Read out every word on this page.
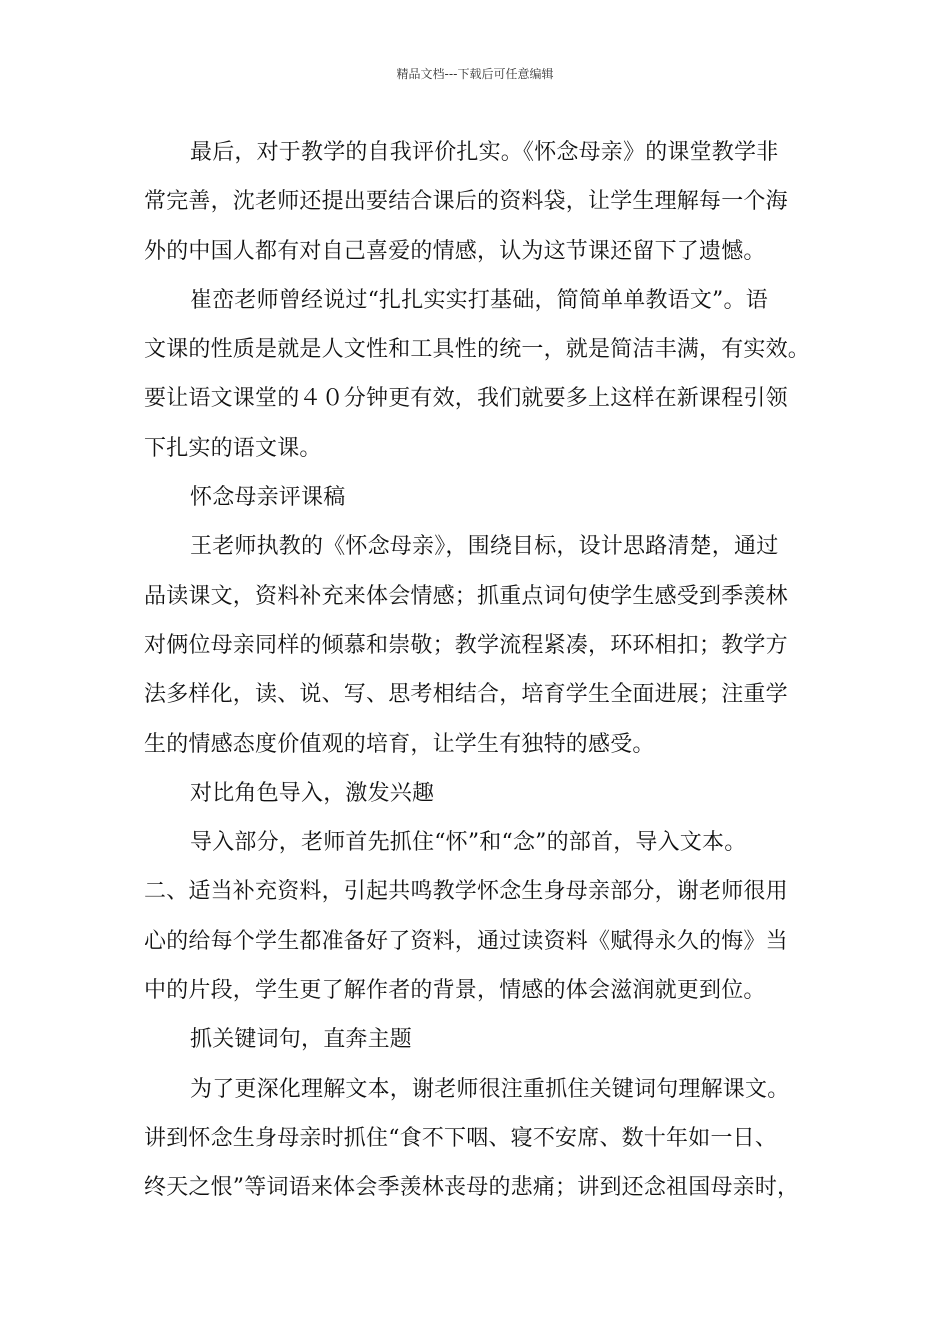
精品文档---下载后可任意编辑
最后，对于教学的自我评价扎实。《怀念母亲》的课堂教学非
常完善，沈老师还提出要结合课后的资料袋，让学生理解每一个海
外的中国人都有对自己喜爱的情感，认为这节课还留下了遗憾。
崔峦老师曾经说过“扎扎实实打基础，简简单单教语文”。语
文课的性质是就是人文性和工具性的统一，就是简洁丰满，有实效。
要让语文课堂的４０分钟更有效，我们就要多上这样在新课程引领
下扎实的语文课。
怀念母亲评课稿
王老师执教的《怀念母亲》，围绕目标，设计思路清楚，通过
品读课文，资料补充来体会情感；抓重点词句使学生感受到季羡林
对俩位母亲同样的倾慕和崇敬；教学流程紧凑，环环相扣；教学方
法多样化，读、说、写、思考相结合，培育学生全面进展；注重学
生的情感态度价值观的培育，让学生有独特的感受。
对比角色导入，激发兴趣
导入部分，老师首先抓住“怀”和“念”的部首，导入文本。
二、适当补充资料，引起共鸣教学怀念生身母亲部分，谢老师很用
心的给每个学生都准备好了资料，通过读资料《赋得永久的悔》当
中的片段，学生更了解作者的背景，情感的体会滋润就更到位。
抓关键词句，直奔主题
为了更深化理解文本，谢老师很注重抓住关键词句理解课文。
讲到怀念生身母亲时抓住“食不下咽、寝不安席、数十年如一日、
终天之恨”等词语来体会季羡林丧母的悲痛；讲到还念祖国母亲时，
